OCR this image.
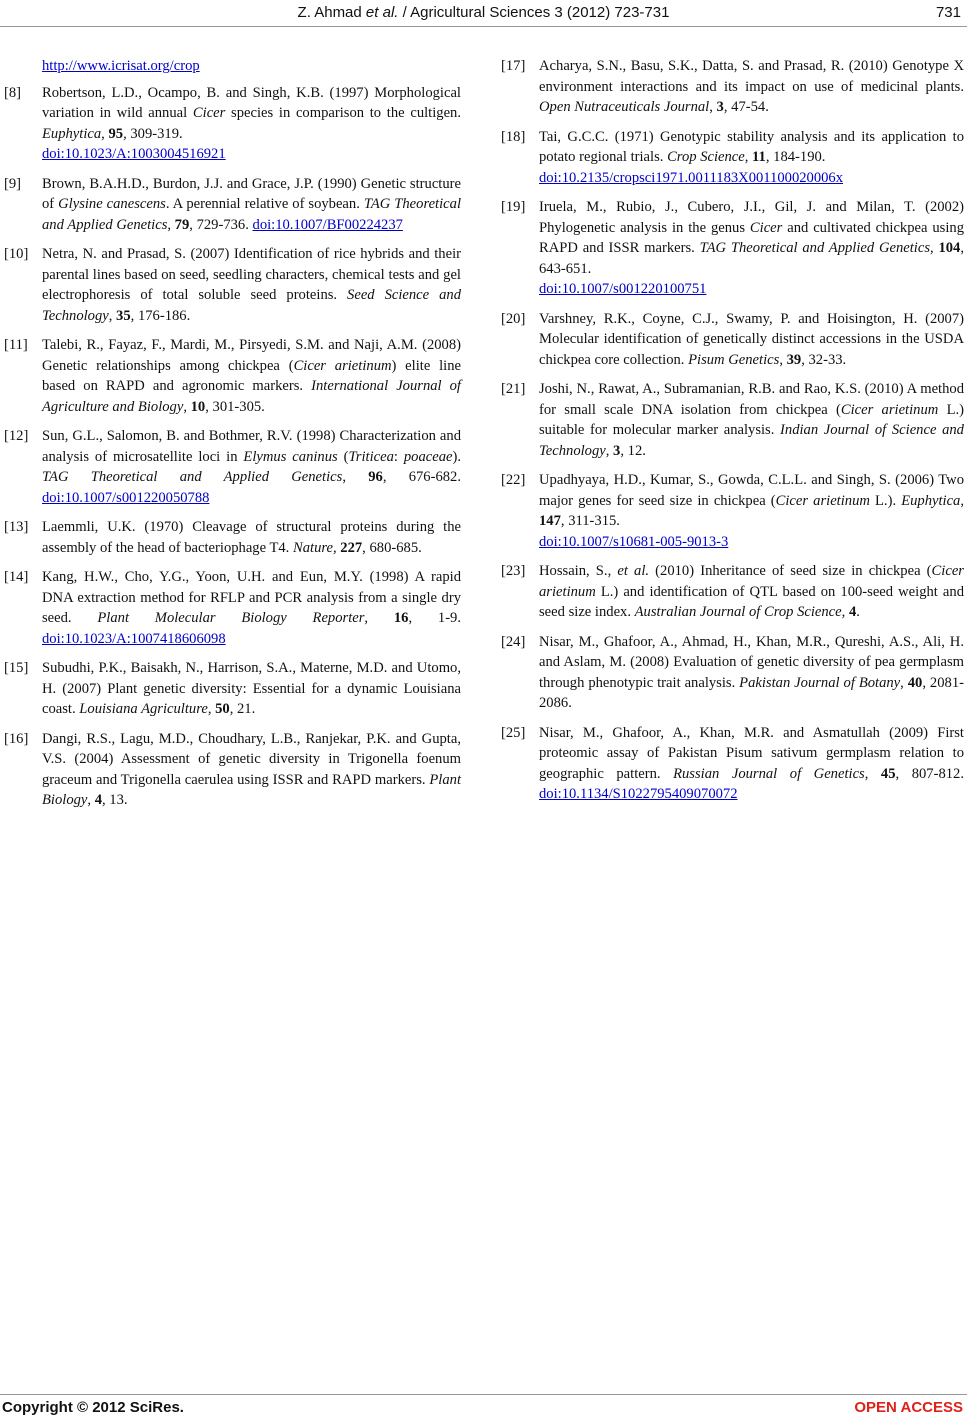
Z. Ahmad et al. / Agricultural Sciences 3 (2012) 723-731	731
http://www.icrisat.org/crop
[8] Robertson, L.D., Ocampo, B. and Singh, K.B. (1997) Morphological variation in wild annual Cicer species in comparison to the cultigen. Euphytica, 95, 309-319.
doi:10.1023/A:1003004516921
[9] Brown, B.A.H.D., Burdon, J.J. and Grace, J.P. (1990) Genetic structure of Glysine canescens. A perennial relative of soybean. TAG Theoretical and Applied Genetics, 79, 729-736. doi:10.1007/BF00224237
[10] Netra, N. and Prasad, S. (2007) Identification of rice hybrids and their parental lines based on seed, seedling characters, chemical tests and gel electrophoresis of total soluble seed proteins. Seed Science and Technology, 35, 176-186.
[11] Talebi, R., Fayaz, F., Mardi, M., Pirsyedi, S.M. and Naji, A.M. (2008) Genetic relationships among chickpea (Cicer arietinum) elite line based on RAPD and agronomic markers. International Journal of Agriculture and Biology, 10, 301-305.
[12] Sun, G.L., Salomon, B. and Bothmer, R.V. (1998) Characterization and analysis of microsatellite loci in Elymus caninus (Triticea: poaceae). TAG Theoretical and Applied Genetics, 96, 676-682. doi:10.1007/s001220050788
[13] Laemmli, U.K. (1970) Cleavage of structural proteins during the assembly of the head of bacteriophage T4. Nature, 227, 680-685.
[14] Kang, H.W., Cho, Y.G., Yoon, U.H. and Eun, M.Y. (1998) A rapid DNA extraction method for RFLP and PCR analysis from a single dry seed. Plant Molecular Biology Reporter, 16, 1-9. doi:10.1023/A:1007418606098
[15] Subudhi, P.K., Baisakh, N., Harrison, S.A., Materne, M.D. and Utomo, H. (2007) Plant genetic diversity: Essential for a dynamic Louisiana coast. Louisiana Agriculture, 50, 21.
[16] Dangi, R.S., Lagu, M.D., Choudhary, L.B., Ranjekar, P.K. and Gupta, V.S. (2004) Assessment of genetic diversity in Trigonella foenum graceum and Trigonella caerulea using ISSR and RAPD markers. Plant Biology, 4, 13.
[17] Acharya, S.N., Basu, S.K., Datta, S. and Prasad, R. (2010) Genotype X environment interactions and its impact on use of medicinal plants. Open Nutraceuticals Journal, 3, 47-54.
[18] Tai, G.C.C. (1971) Genotypic stability analysis and its application to potato regional trials. Crop Science, 11, 184-190.
doi:10.2135/cropsci1971.0011183X001100020006x
[19] Iruela, M., Rubio, J., Cubero, J.I., Gil, J. and Milan, T. (2002) Phylogenetic analysis in the genus Cicer and cultivated chickpea using RAPD and ISSR markers. TAG Theoretical and Applied Genetics, 104, 643-651.
doi:10.1007/s001220100751
[20] Varshney, R.K., Coyne, C.J., Swamy, P. and Hoisington, H. (2007) Molecular identification of genetically distinct accessions in the USDA chickpea core collection. Pisum Genetics, 39, 32-33.
[21] Joshi, N., Rawat, A., Subramanian, R.B. and Rao, K.S. (2010) A method for small scale DNA isolation from chickpea (Cicer arietinum L.) suitable for molecular marker analysis. Indian Journal of Science and Technology, 3, 12.
[22] Upadhyaya, H.D., Kumar, S., Gowda, C.L.L. and Singh, S. (2006) Two major genes for seed size in chickpea (Cicer arietinum L.). Euphytica, 147, 311-315.
doi:10.1007/s10681-005-9013-3
[23] Hossain, S., et al. (2010) Inheritance of seed size in chickpea (Cicer arietinum L.) and identification of QTL based on 100-seed weight and seed size index. Australian Journal of Crop Science, 4.
[24] Nisar, M., Ghafoor, A., Ahmad, H., Khan, M.R., Qureshi, A.S., Ali, H. and Aslam, M. (2008) Evaluation of genetic diversity of pea germplasm through phenotypic trait analysis. Pakistan Journal of Botany, 40, 2081-2086.
[25] Nisar, M., Ghafoor, A., Khan, M.R. and Asmatullah (2009) First proteomic assay of Pakistan Pisum sativum germplasm relation to geographic pattern. Russian Journal of Genetics, 45, 807-812. doi:10.1134/S1022795409070072
Copyright © 2012 SciRes.	OPEN ACCESS
